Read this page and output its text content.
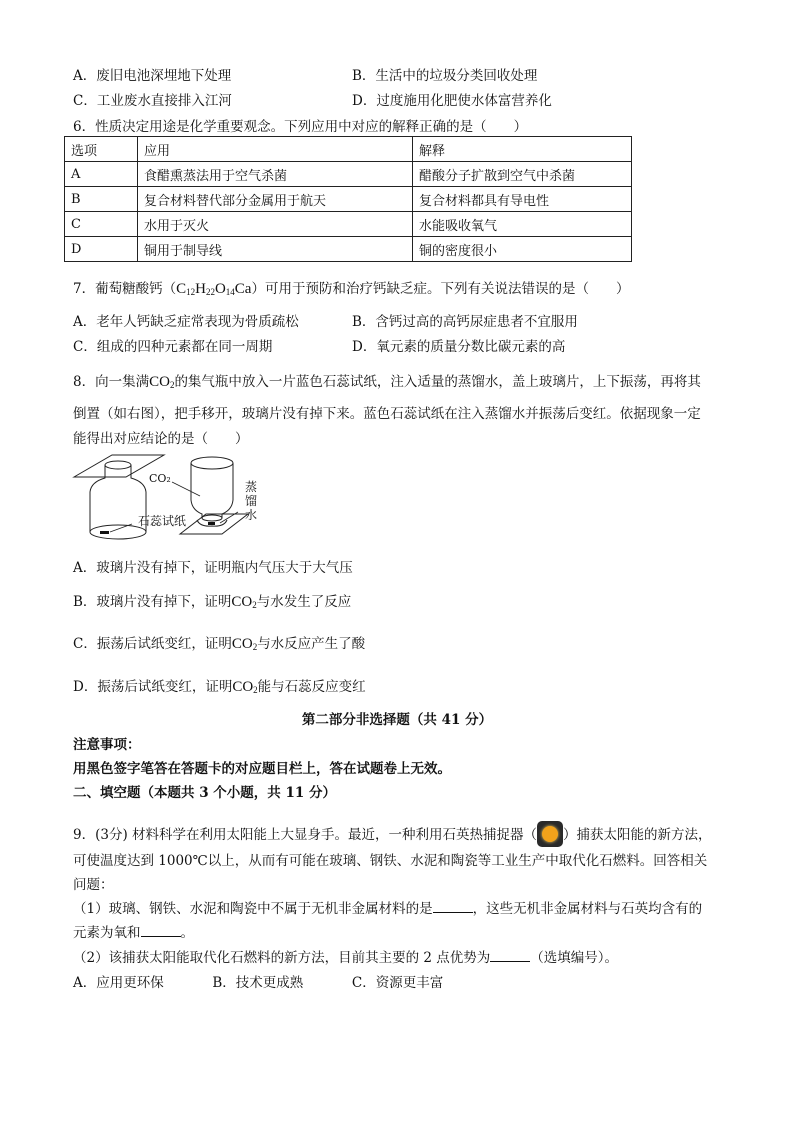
A．废旧电池深埋地下处理	B．生活中的垃圾分类回收处理
C．工业废水直接排入江河	D．过度施用化肥使水体富营养化
6．性质决定用途是化学重要观念。下列应用中对应的解释正确的是（　　）
选项	应用	解释
A	食醋熏蒸法用于空气杀菌	醋酸分子扩散到空气中杀菌
B	复合材料替代部分金属用于航天	复合材料都具有导电性
C	水用于灭火	水能吸收氧气
D	铜用于制导线	铜的密度很小
7．葡萄糖酸钙$(C_{12}H_{22}O_{14}Ca)$可用于预防和治疗钙缺乏症。下列有关说法错误的是（　　）
A．老年人钙缺乏症常表现为骨质疏松	B．含钙过高的高钙尿症患者不宜服用
C．组成的四种元素都在同一周期	D．氧元素的质量分数比碳元素的高
8．向一集满$CO_2$的集气瓶中放入一片蓝色石蕊试纸，注入适量的蒸馏水，盖上玻璃片，上下振荡，再将其
倒置（如右图），把手移开，玻璃片没有掉下来。蓝色石蕊试纸在注入蒸馏水并振荡后变红。依据现象一定
能得出对应结论的是（　　）
CO₂
石蕊试纸
蒸
馏
水
A．玻璃片没有掉下，证明瓶内气压大于大气压
B．玻璃片没有掉下，证明$CO_2$与水发生了反应
C．振荡后试纸变红，证明$CO_2$与水反应产生了酸
D．振荡后试纸变红，证明$CO_2$能与石蕊反应变红
第二部分非选择题（共 41 分）
注意事项：
用黑色签字笔答在答题卡的对应题目栏上，答在试题卷上无效。
二、填空题（本题共 3 个小题，共 11 分）
9．(3分) 材料科学在利用太阳能上大显身手。最近，一种利用石英热捕捉器（ ）捕获太阳能的新方法，
可使温度达到 1000℃以上，从而有可能在玻璃、钢铁、水泥和陶瓷等工业生产中取代化石燃料。回答相关
问题：
（1）玻璃、钢铁、水泥和陶瓷中不属于无机非金属材料的是	，这些无机非金属材料与石英均含有的
元素为氧和	。
（2）该捕获太阳能取代化石燃料的新方法，目前其主要的 2 点优势为	（选填编号）。
A．应用更环保	B．技术更成熟	C．资源更丰富
